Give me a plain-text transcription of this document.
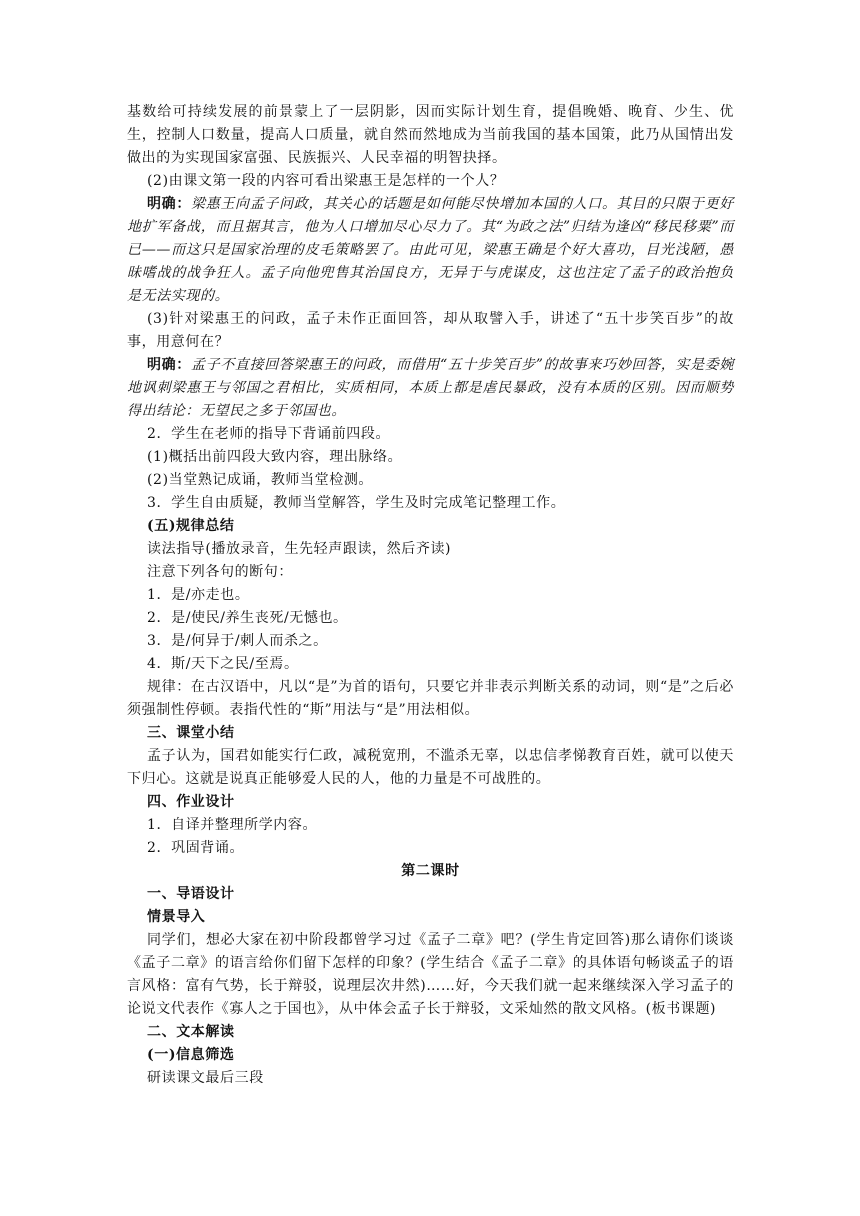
基数给可持续发展的前景蒙上了一层阴影，因而实际计划生育，提倡晚婚、晚育、少生、优生，控制人口数量，提高人口质量，就自然而然地成为当前我国的基本国策，此乃从国情出发做出的为实现国家富强、民族振兴、人民幸福的明智抉择。

(2)由课文第一段的内容可看出梁惠王是怎样的一个人？

明确：梁惠王向孟子问政，其关心的话题是如何能尽快增加本国的人口。其目的只限于更好地扩军备战，而且据其言，他为人口增加尽心尽力了。其“为政之法”归结为逢凶“移民移粟”而已——而这只是国家治理的皮毛策略罢了。由此可见，梁惠王确是个好大喜功，目光浅陋，愚昧嗜战的战争狂人。孟子向他兜售其治国良方，无异于与虎谋皮，这也注定了孟子的政治抱负是无法实现的。

(3)针对梁惠王的问政，孟子未作正面回答，却从取譬入手，讲述了“五十步笑百步”的故事，用意何在？

明确：孟子不直接回答梁惠王的问政，而借用“五十步笑百步”的故事来巧妙回答，实是委婉地讽刺梁惠王与邻国之君相比，实质相同，本质上都是虐民暴政，没有本质的区别。因而顺势得出结论：无望民之多于邻国也。

2．学生在老师的指导下背诵前四段。

(1)概括出前四段大致内容，理出脉络。

(2)当堂熟记成诵，教师当堂检测。

3．学生自由质疑，教师当堂解答，学生及时完成笔记整理工作。

(五)规律总结

读法指导(播放录音，生先轻声跟读，然后齐读)

注意下列各句的断句：

1．是/亦走也。

2．是/使民/养生丧死/无憾也。

3．是/何异于/刺人而杀之。

4．斯/天下之民/至焉。

规律：在古汉语中，凡以“是”为首的语句，只要它并非表示判断关系的动词，则“是”之后必须强制性停顿。表指代性的“斯”用法与“是”用法相似。

三、课堂小结

孟子认为，国君如能实行仁政，减税宽刑，不滥杀无辜，以忠信孝悌教育百姓，就可以使天下归心。这就是说真正能够爱人民的人，他的力量是不可战胜的。

四、作业设计

1．自译并整理所学内容。

2．巩固背诵。

第二课时

一、导语设计

情景导入

同学们，想必大家在初中阶段都曾学习过《孟子二章》吧？(学生肯定回答)那么请你们谈谈《孟子二章》的语言给你们留下怎样的印象？(学生结合《孟子二章》的具体语句畅谈孟子的语言风格：富有气势，长于辩驳，说理层次井然)……好，今天我们就一起来继续深入学习孟子的论说文代表作《寡人之于国也》，从中体会孟子长于辩驳，文采灿然的散文风格。(板书课题)

二、文本解读

(一)信息筛选

研读课文最后三段
